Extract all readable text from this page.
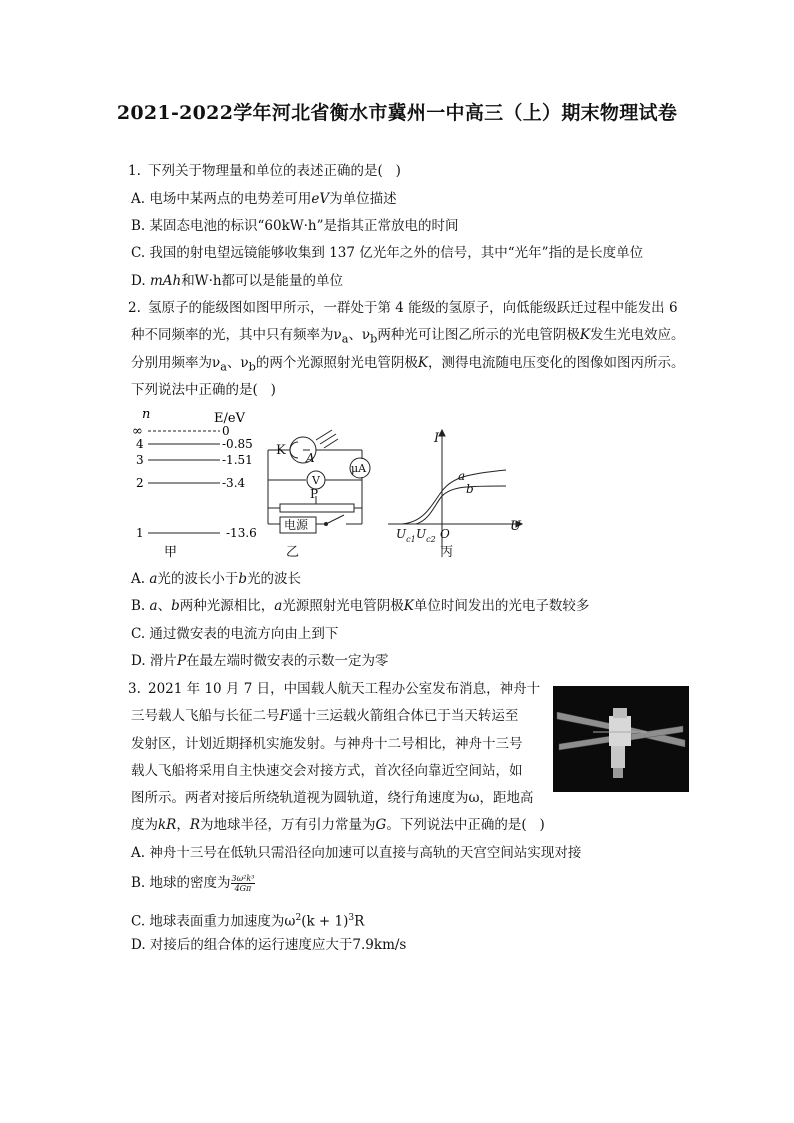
2021-2022学年河北省衡水市冀州一中高三（上）期末物理试卷
1. 下列关于物理量和单位的表述正确的是(   )
A. 电场中某两点的电势差可用eV为单位描述
B. 某固态电池的标识“60kW·h”是指其正常放电的时间
C. 我国的射电望远镜能够收集到 137 亿光年之外的信号，其中“光年”指的是长度单位
D. mAh和W·h都可以是能量的单位
2. 氢原子的能级图如图甲所示，一群处于第 4 能级的氢原子，向低能级跃迁过程中能发出 6
种不同频率的光，其中只有频率为$\nu_a$、$\nu_b$两种光可让图乙所示的光电管阴极K发生光电效应。
分别用频率为$\nu_a$、$\nu_b$的两个光源照射光电管阴极K，测得电流随电压变化的图像如图丙所示。
下列说法中正确的是(   )
n	E/eV
∞	0
4	-0.85
3	-1.51
2	-3.4
1	-13.6
甲
K A
μA
V
P
电源
乙
I
U
O
a
b
$U_{c1}$ $U_{c2}$
丙
A. a光的波长小于b光的波长
B. a、b两种光源相比，a光源照射光电管阴极K单位时间发出的光电子数较多
C. 通过微安表的电流方向由上到下
D. 滑片P在最左端时微安表的示数一定为零
3. 2021 年 10 月 7 日，中国载人航天工程办公室发布消息，神舟十
三号载人飞船与长征二号F遥十三运载火箭组合体已于当天转运至
发射区，计划近期择机实施发射。与神舟十二号相比，神舟十三号
载人飞船将采用自主快速交会对接方式，首次径向靠近空间站，如
图所示。两者对接后所绕轨道视为圆轨道，绕行角速度为ω，距地高
度为kR，R为地球半径，万有引力常量为G。下列说法中正确的是(   )
A. 神舟十三号在低轨只需沿径向加速可以直接与高轨的天宫空间站实现对接
B. 地球的密度为 $\frac{\text{3ω²k³}}{4G\pi}$
C. 地球表面重力加速度为$\omega^2(k + 1)^3R$
D. 对接后的组合体的运行速度应大于7.9km/s
